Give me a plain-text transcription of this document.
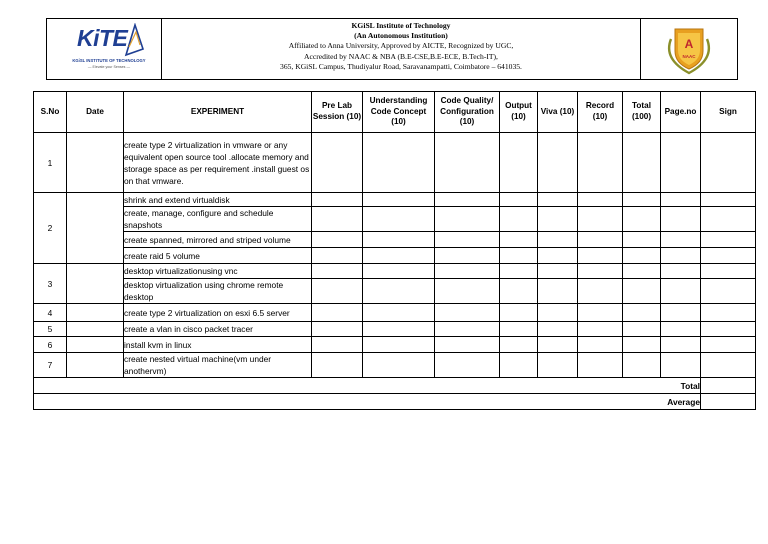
KiTE
KGiSL INSTITUTE OF TECHNOLOGY
— Elevate your Senses —
KGiSL Institute of Technology
(An Autonomous Institution)
Affiliated to Anna University, Approved by AICTE, Recognized by UGC,
Accredited by NAAC & NBA (B.E-CSE,B.E-ECE, B.Tech-IT),
365, KGiSL Campus, Thudiyalur Road, Saravanampatti, Coimbatore – 641035.
A
NAAC
S.No	Date	EXPERIMENT	Pre Lab Session (10)	Understanding Code Concept (10)	Code Quality/ Configuration (10)	Output (10)	Viva (10)	Record (10)	Total (100)	Page.no	Sign
1		create type 2 virtualization in vmware or any equivalent open source tool .allocate memory and storage space as per requirement .install guest os on that vmware.									
2		shrink and extend virtualdisk									
		create, manage, configure and schedule snapshots									
		create spanned, mirrored and striped volume									
		create raid 5 volume									
3		desktop virtualizationusing vnc									
		desktop virtualization using chrome remote desktop									
4		create type 2 virtualization on esxi 6.5 server									
5		create a vlan in cisco packet tracer									
6		install kvm in linux									
7		create nested virtual machine(vm under anothervm)									
Total											
Average											
